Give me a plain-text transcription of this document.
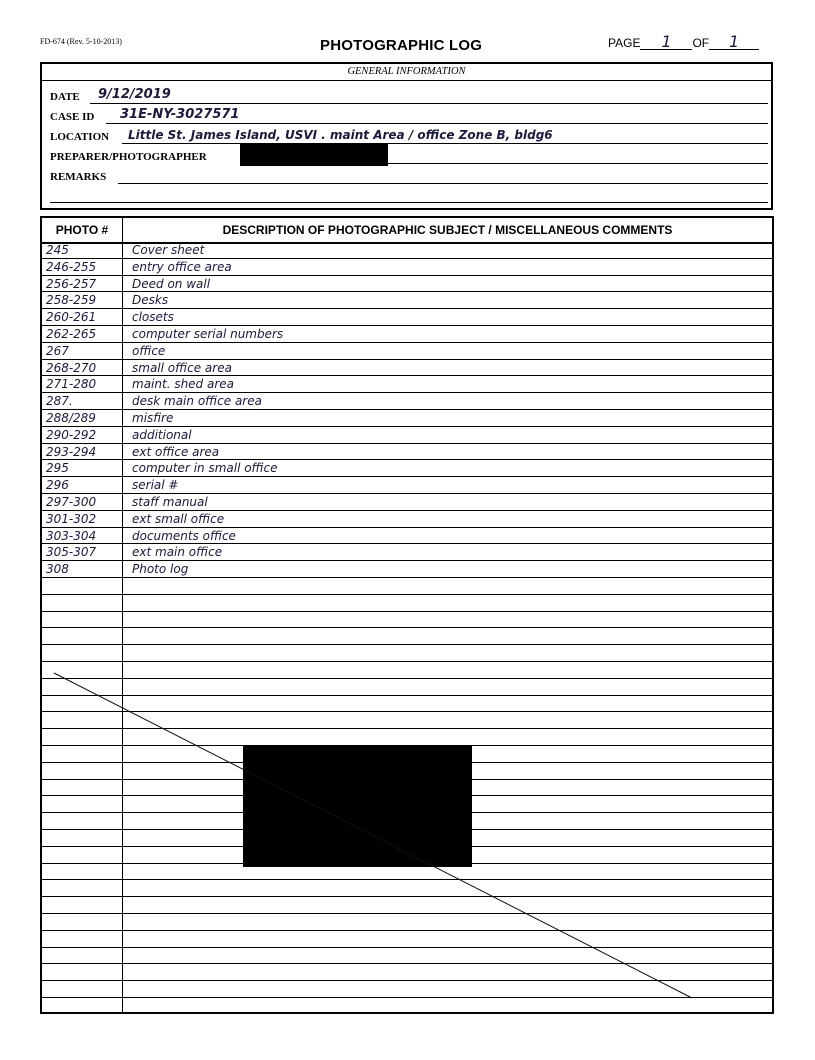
FD-674 (Rev. 5-10-2013)	PHOTOGRAPHIC LOG	PAGE 1 OF 1
GENERAL INFORMATION
DATE 9/12/2019
CASE ID 31E-NY-3027571
LOCATION Little St. James Island, USVI . maint Area / office Zone B, bldg6
PREPARER/PHOTOGRAPHER
REMARKS
PHOTO #	DESCRIPTION OF PHOTOGRAPHIC SUBJECT / MISCELLANEOUS COMMENTS
245	Cover sheet
246-255	entry office area
256-257	Deed on wall
258-259	Desks
260-261	closets
262-265	computer serial numbers
267	office
268-270	small office area
271-280	maint. shed area
287.	desk main office area
288/289	misfire
290-292	additional
293-294	ext office area
295	computer in small office
296	serial #
297-300	staff manual
301-302	ext small office
303-304	documents office
305-307	ext main office
308	Photo log
